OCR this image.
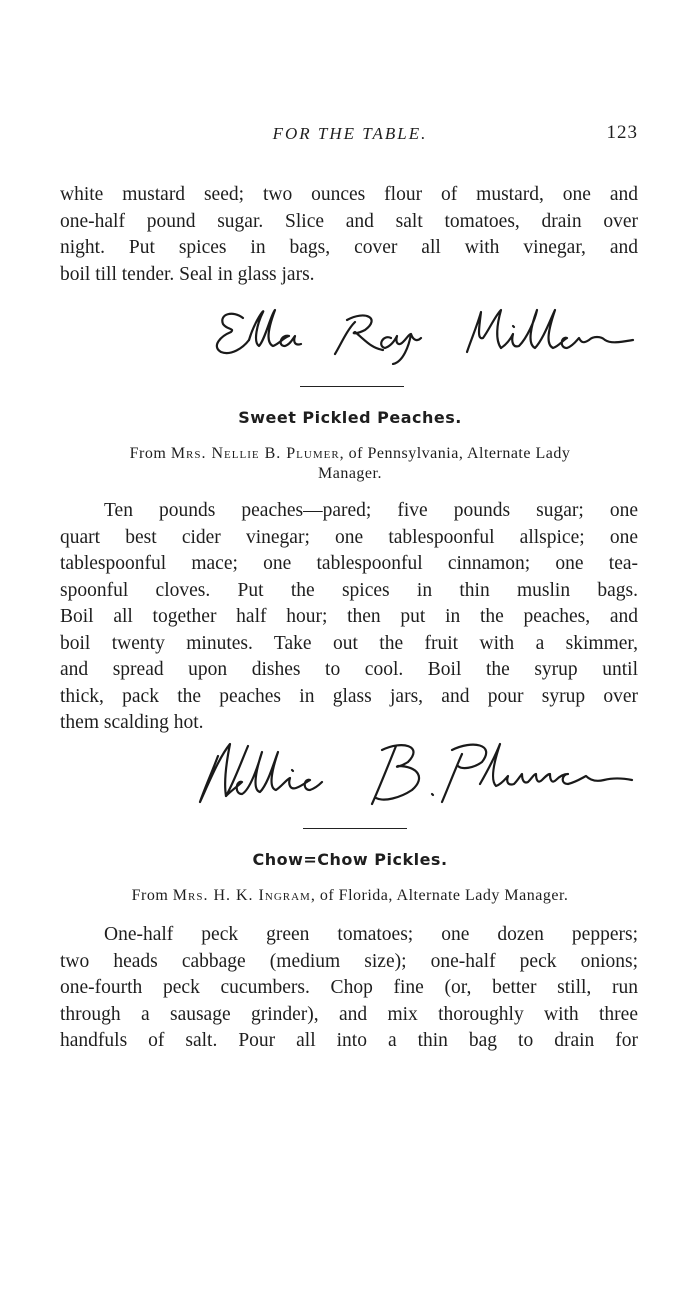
FOR THE TABLE.	123
white mustard seed; two ounces flour of mustard, one and
one-half pound sugar. Slice and salt tomatoes, drain over
night. Put spices in bags, cover all with vinegar, and
boil till tender. Seal in glass jars.
Sweet Pickled Peaches.
From Mrs. Nellie B. Plumer, of Pennsylvania, Alternate Lady
Manager.
Ten pounds peaches—pared; five pounds sugar; one
quart best cider vinegar; one tablespoonful allspice; one
tablespoonful mace; one tablespoonful cinnamon; one tea-
spoonful cloves. Put the spices in thin muslin bags.
Boil all together half hour; then put in the peaches, and
boil twenty minutes. Take out the fruit with a skimmer,
and spread upon dishes to cool. Boil the syrup until
thick, pack the peaches in glass jars, and pour syrup over
them scalding hot.
Chow=Chow Pickles.
From Mrs. H. K. Ingram, of Florida, Alternate Lady Manager.
One-half peck green tomatoes; one dozen peppers;
two heads cabbage (medium size); one-half peck onions;
one-fourth peck cucumbers. Chop fine (or, better still, run
through a sausage grinder), and mix thoroughly with three
handfuls of salt. Pour all into a thin bag to drain for
